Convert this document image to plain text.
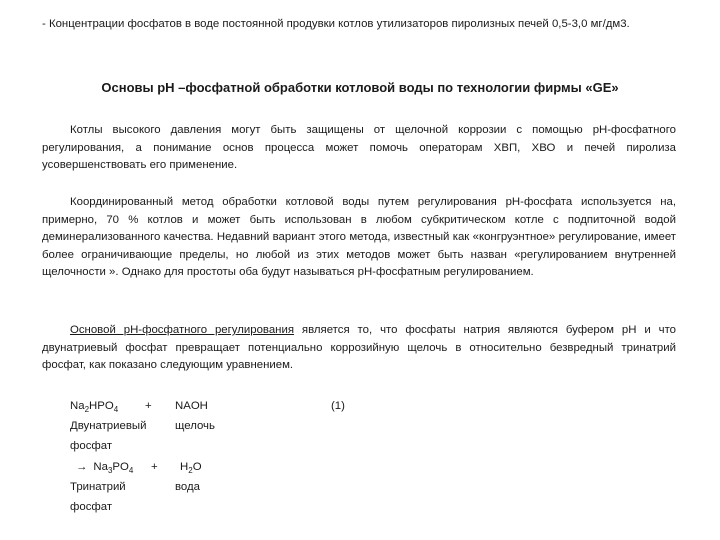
- Концентрации фосфатов в воде постоянной продувки котлов утилизаторов пиролизных печей 0,5-3,0 мг/дм3.

Основы pH –фосфатной обработки котловой воды по технологии фирмы «GE»

Котлы высокого давления могут быть защищены от щелочной коррозии с помощью pH-фосфатного регулирования, а понимание основ процесса может помочь операторам ХВП, ХВО и печей пиролиза усовершенствовать его применение.

Координированный метод обработки котловой воды путем регулирования pH-фосфата используется на, примерно, 70 % котлов и может быть использован в любом субкритическом котле с подпиточной водой деминерализованного качества. Недавний вариант этого метода, известный как «конгруэнтное» регулирование, имеет более ограничивающие пределы, но любой из этих методов может быть назван «регулированием внутренней щелочности ». Однако для простоты оба будут называться pH-фосфатным регулированием.

Основой pH-фосфатного регулирования является то, что фосфаты натрия являются буфером pH и что двунатриевый фосфат превращает потенциально коррозийную щелочь в относительно безвредный тринатрий фосфат, как показано следующим уравнением.

$Na_2HPO_4$ + NAOH	(1)
Двунатриевый	щелочь
фосфат
→ $Na_3PO_4 + H_2O$
Тринатрий	вода
фосфат
